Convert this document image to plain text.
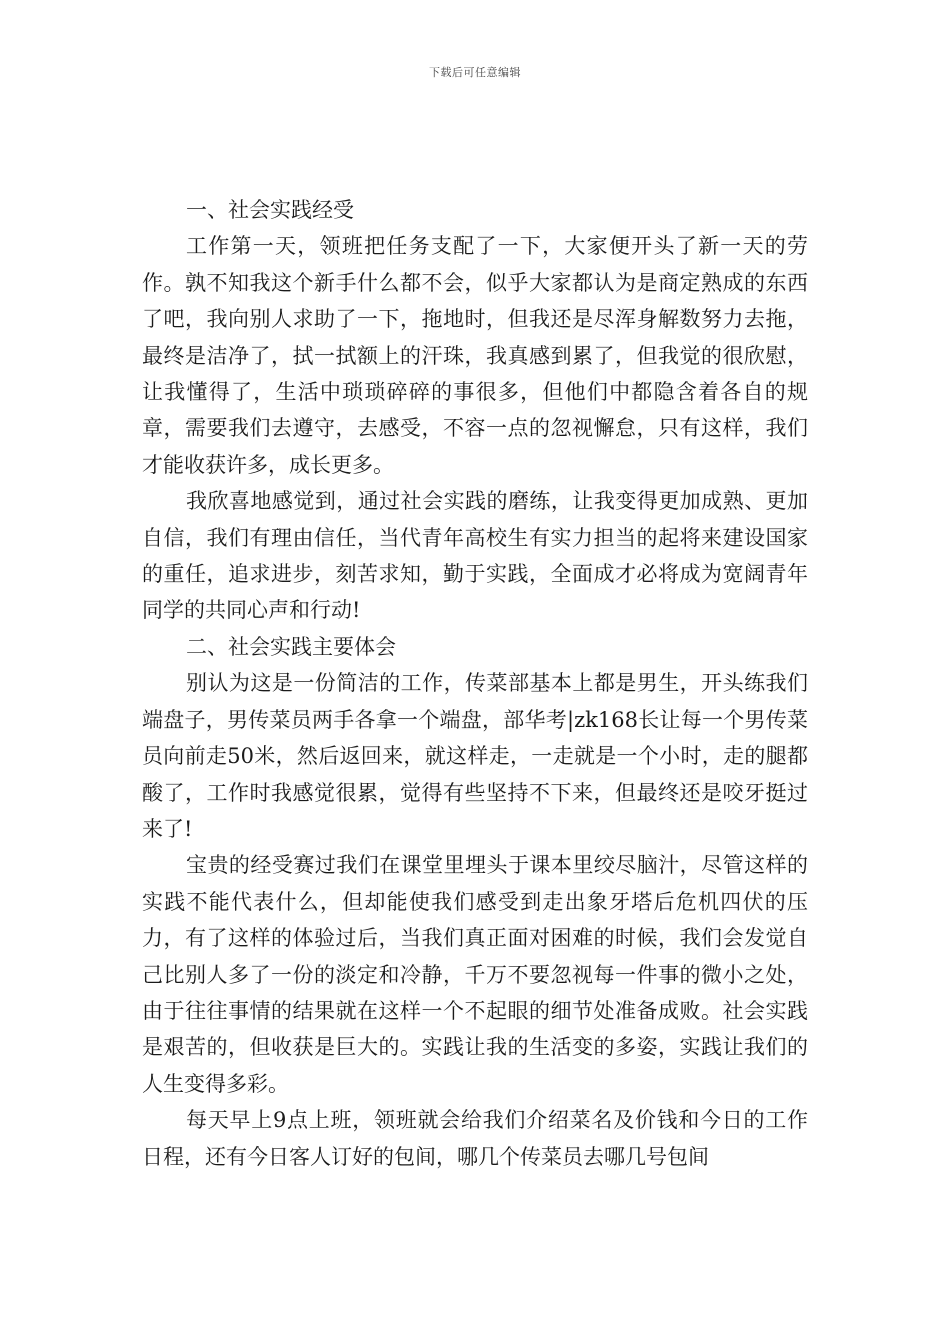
下载后可任意编辑

一、社会实践经受

工作第一天，领班把任务支配了一下，大家便开头了新一天的劳作。孰不知我这个新手什么都不会，似乎大家都认为是商定熟成的东西了吧，我向别人求助了一下，拖地时，但我还是尽浑身解数努力去拖，最终是洁净了，拭一拭额上的汗珠，我真感到累了，但我觉的很欣慰，让我懂得了，生活中琐琐碎碎的事很多，但他们中都隐含着各自的规章，需要我们去遵守，去感受，不容一点的忽视懈怠，只有这样，我们才能收获许多，成长更多。

我欣喜地感觉到，通过社会实践的磨练，让我变得更加成熟、更加自信，我们有理由信任，当代青年高校生有实力担当的起将来建设国家的重任，追求进步，刻苦求知，勤于实践，全面成才必将成为宽阔青年同学的共同心声和行动!

二、社会实践主要体会

别认为这是一份简洁的工作，传菜部基本上都是男生，开头练我们端盘子，男传菜员两手各拿一个端盘，部华考|zk168长让每一个男传菜员向前走50米，然后返回来，就这样走，一走就是一个小时，走的腿都酸了，工作时我感觉很累，觉得有些坚持不下来，但最终还是咬牙挺过来了!

宝贵的经受赛过我们在课堂里埋头于课本里绞尽脑汁，尽管这样的实践不能代表什么，但却能使我们感受到走出象牙塔后危机四伏的压力，有了这样的体验过后，当我们真正面对困难的时候，我们会发觉自己比别人多了一份的淡定和冷静，千万不要忽视每一件事的微小之处，由于往往事情的结果就在这样一个不起眼的细节处准备成败。社会实践是艰苦的，但收获是巨大的。实践让我的生活变的多姿，实践让我们的人生变得多彩。

每天早上9点上班，领班就会给我们介绍菜名及价钱和今日的工作日程，还有今日客人订好的包间，哪几个传菜员去哪几号包间
